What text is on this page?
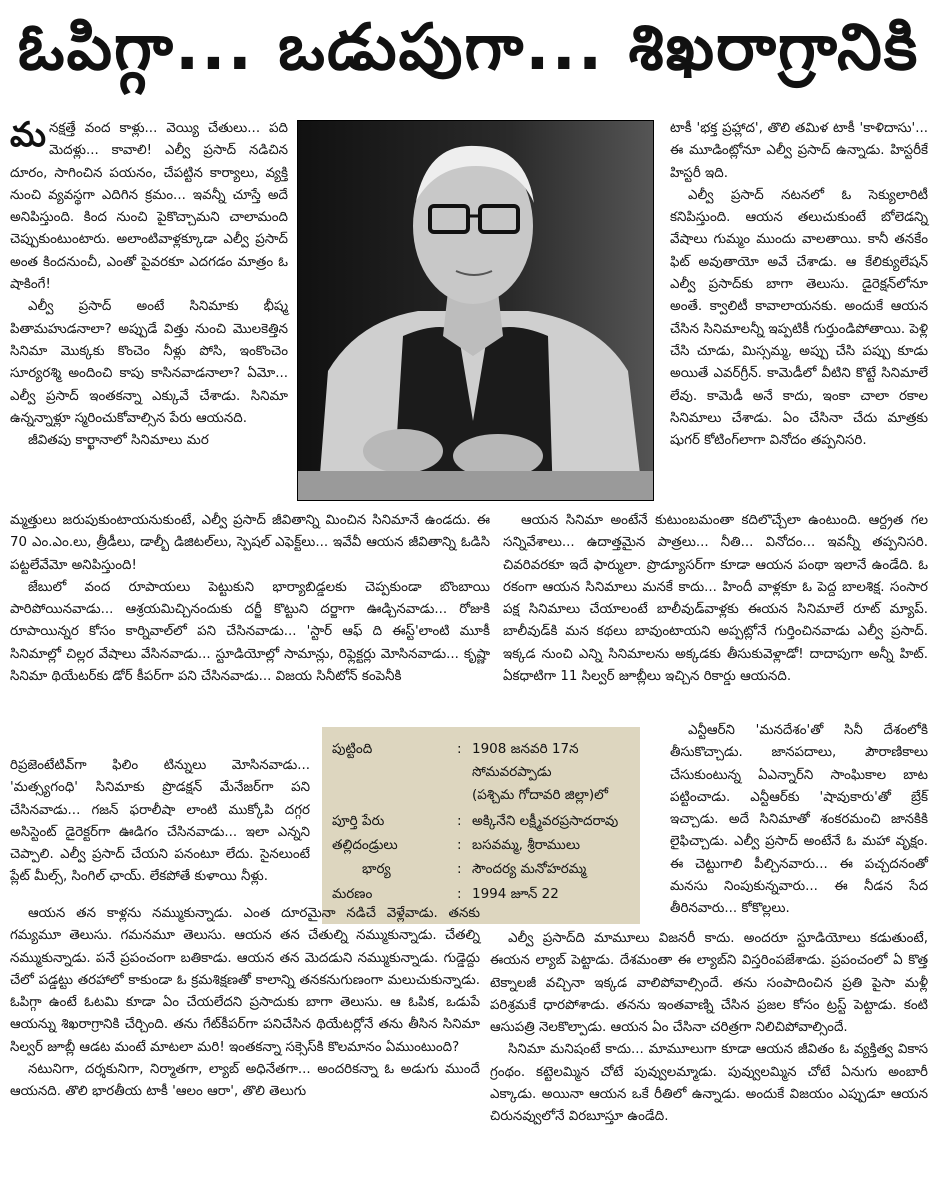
ఓపిగ్గా... ఒడుపుగా... శిఖరాగ్రానికి
మ నక్షత్తే వంద కాళ్లు... వెయ్యి చేతులు... పది మెదళ్లు... కావాలి! ఎల్వీ ప్రసాద్ నడిచిన దూరం, సాగించిన పయనం, చేపట్టిన కార్యాలు, వ్యక్తి నుంచి వ్యవస్థగా ఎదిగిన క్రమం... ఇవన్నీ చూస్తే అదే అనిపిస్తుంది. కింద నుంచి పైకొచ్చామని చాలామంది చెప్పుకుంటుంటారు. అలాంటివాళ్లక్కూడా ఎల్వీ ప్రసాద్ అంత కిందనుంచీ, ఎంతో పైవరకూ ఎదగడం మాత్రం ఓ షాకింగే!

ఎల్వీ ప్రసాద్ అంటే సినిమాకు భీష్మ పితామహుడనాలా? అప్పుడే విత్తు నుంచి మొలకెత్తిన సినిమా మొక్కకు కొంచెం నీళ్లు పోసి, ఇంకొంచెం సూర్యరశ్మి అందించి కాపు కాసినవాడనాలా? ఏమో... ఎల్వీ ప్రసాద్ ఇంతకన్నా ఎక్కువే చేశాడు. సినిమా ఉన్నన్నాళ్లూ స్మరించుకోవాల్సిన పేరు ఆయనది.

జీవితపు కార్ఖానాలో సినిమాలు మర

టాకీ 'భక్త ప్రహ్లాద', తొలి తమిళ టాకీ 'కాళిదాసు'... ఈ మూడింట్లోనూ ఎల్వీ ప్రసాద్ ఉన్నాడు. హిస్టరీకే హిస్టరీ ఇది.

ఎల్వీ ప్రసాద్ నటనలో ఓ సెక్యులారిటీ కనిపిస్తుంది. ఆయన తలుచుకుంటే బోలెడన్ని వేషాలు గుమ్మం ముందు వాలతాయి. కానీ తనకేం ఫిట్ అవుతాయో అవే చేశాడు. ఆ కేలిక్యులేషన్ ఎల్వీ ప్రసాద్‌కు బాగా తెలుసు. డైరెక్షన్‌లోనూ అంతే. క్వాలిటీ కావాలాయనకు. అందుకే ఆయన చేసిన సినిమాలన్నీ ఇప్పటికీ గుర్తుండిపోతాయి. పెళ్లి చేసి చూడు, మిస్సమ్మ, అప్పు చేసి పప్పు కూడు అయితే ఎవర్‌గ్రీన్. కామెడీలో వీటిని కొట్టే సినిమాలే లేవు. కామెడీ అనే కాదు, ఇంకా చాలా రకాల సినిమాలు చేశాడు. ఏం చేసినా చేదు మాత్రకు షుగర్ కోటింగ్‌లాగా వినోదం తప్పనిసరి.

మ్మత్తులు జరుపుకుంటాయనుకుంటే, ఎల్వీ ప్రసాద్ జీవితాన్ని మించిన సినిమానే ఉండదు. ఈ 70 ఎం.ఎం.లు, త్రీడీలు, డాల్బీ డిజిటల్‌లు, స్పెషల్ ఎఫెక్ట్‌లు... ఇవేవీ ఆయన జీవితాన్ని ఓడిసి పట్టలేవేమో అనిపిస్తుంది!

జేబులో వంద రూపాయలు పెట్టుకుని భార్యాబిడ్డలకు చెప్పకుండా బొంబాయి పారిపోయినవాడు... ఆశ్రయమిచ్చినందుకు దర్జీ కొట్టుని దర్జాగా ఊడ్చినవాడు... రోజుకి రూపాయిన్నర కోసం కార్నివాల్‌లో పని చేసినవాడు... 'స్టార్ ఆఫ్ ది ఈస్ట్'లాంటి మూకీ సినిమాల్లో చిల్లర వేషాలు వేసినవాడు... స్టూడియోల్లో సామాన్లు, రిఫ్లెక్టర్లు మోసినవాడు... కృష్ణా సినిమా థియేటర్‌కు డోర్ కీపర్‌గా పని చేసినవాడు... విజయ సినీటోన్ కంపెనీకి

ఆయన సినిమా అంటేనే కుటుంబమంతా కదిలొచ్చేలా ఉంటుంది. ఆర్ద్రత గల సన్నివేశాలు... ఉదాత్తమైన పాత్రలు... నీతి... వినోదం... ఇవన్నీ తప్పనిసరి. చివరివరకూ ఇదే ఫార్ములా. ప్రొడ్యూసర్‌గా కూడా ఆయన పంథా ఇలానే ఉండేది. ఓ రకంగా ఆయన సినిమాలు మనకే కాదు... హిందీ వాళ్లకూ ఓ పెద్ద బాలశిక్ష. సంసార పక్ష సినిమాలు చేయాలంటే బాలీవుడ్‌వాళ్లకు ఈయన సినిమాలే రూట్ మ్యాప్. బాలీవుడ్‌కి మన కథలు బావుంటాయని అప్పట్లోనే గుర్తించినవాడు ఎల్వీ ప్రసాద్. ఇక్కడ నుంచి ఎన్ని సినిమాలను అక్కడకు తీసుకువెళ్లాడో! దాదాపుగా అన్నీ హిట్. ఏకధాటిగా 11 సిల్వర్ జూబ్లీలు ఇచ్చిన రికార్డు ఆయనది.

రిప్రజెంటేటివ్‌గా ఫిలిం టిన్నులు మోసినవాడు... 'మత్స్యగంధి' సినిమాకు ప్రొడక్షన్ మేనేజర్‌గా పని చేసినవాడు... గజన్ ఫరాలీషా లాంటి ముక్కోపి దగ్గర అసిస్టెంట్ డైరెక్టర్‌గా ఊడిగం చేసినవాడు... ఇలా ఎన్నని చెప్పాలి. ఎల్వీ ప్రసాద్ చేయని పనంటూ లేదు. సైనలుంటే ప్లేట్ మీల్స్, సింగిల్ ఛాయ్. లేకపోతే కుళాయి నీళ్లు.

పుట్టింది	: 1908 జనవరి 17న
సోమవరప్పాడు
(పశ్చిమ గోదావరి జిల్లా)లో
పూర్తి పేరు	: అక్కినేని లక్ష్మీవరప్రసాదరావు
తల్లిదండ్రులు	: బసవమ్మ, శ్రీరాములు
భార్య	: సౌందర్య మనోహరమ్మ
మరణం	: 1994 జూన్ 22

ఎన్టీఆర్‌ని 'మనదేశం'తో సినీ దేశంలోకి తీసుకొచ్చాడు. జానపదాలు, పౌరాణికాలు చేసుకుంటున్న ఏఎన్నార్‌ని సాంఘికాల బాట పట్టించాడు. ఎన్టీఆర్‌కు 'షావుకారు'తో బ్రేక్ ఇచ్చాడు. అదే సినిమాతో శంకరమంచి జానకికి లైఫిచ్చాడు. ఎల్వీ ప్రసాద్ అంటేనే ఓ మహా వృక్షం. ఈ చెట్టుగాలి పీల్చినవారు... ఈ పచ్చదనంతో మనసు నింపుకున్నవారు... ఈ నీడన సేద తీరినవారు... కోకొల్లలు.

ఆయన తన కాళ్లను నమ్ముకున్నాడు. ఎంత దూరమైనా నడిచే వెళ్లేవాడు. తనకు గమ్యమూ తెలుసు. గమనమూ తెలుసు. ఆయన తన చేతుల్ని నమ్ముకున్నాడు. చేతల్ని నమ్ముకున్నాడు. పనే ప్రపంచంగా బతికాడు. ఆయన తన మెదడుని నమ్ముకున్నాడు. గుడ్డెద్దు చేలో పడ్డట్టు తరహాలో కాకుండా ఓ క్రమశిక్షణతో కాలాన్ని తనకనుగుణంగా మలుచుకున్నాడు. ఓపిగ్గా ఉంటే ఓటమి కూడా ఏం చేయలేదని ప్రసాదుకు బాగా తెలుసు. ఆ ఓపిక, ఒడుపే ఆయన్ను శిఖరాగ్రానికి చేర్చింది. తను గేట్‌కీపర్‌గా పనిచేసిన థియేటర్లోనే తను తీసిన సినిమా సిల్వర్ జూబ్లీ ఆడట మంటే మాటలా మరి! ఇంతకన్నా సక్సెస్‌కి కొలమానం ఏముంటుంది?

నటునిగా, దర్శకునిగా, నిర్మాతగా, ల్యాబ్ అధినేతగా... అందరికన్నా ఓ అడుగు ముందే ఆయనది. తొలి భారతీయ టాకీ 'ఆలం ఆరా', తొలి తెలుగు

ఎల్వీ ప్రసాద్‌ది మామూలు విజనరీ కాదు. అందరూ స్టూడియోలు కడుతుంటే, ఈయన ల్యాబ్ పెట్టాడు. దేశమంతా ఈ ల్యాబ్‌ని విస్తరింపజేశాడు. ప్రపంచంలో ఏ కొత్త టెక్నాలజీ వచ్చినా ఇక్కడ వాలిపోవాల్సిందే. తను సంపాదించిన ప్రతి పైసా మళ్లీ పరిశ్రమకే ధారపోశాడు. తనను ఇంతవాణ్ని చేసిన ప్రజల కోసం ట్రస్ట్ పెట్టాడు. కంటి ఆసుపత్రి నెలకొల్పాడు. ఆయన ఏం చేసినా చరిత్రగా నిలిచిపోవాల్సిందే.

సినిమా మనిషంటే కాదు... మామూలుగా కూడా ఆయన జీవితం ఓ వ్యక్తిత్వ వికాస గ్రంథం. కట్టెలమ్మిన చోటే పువ్వులమ్మాడు. పువ్వులమ్మిన చోటే ఏనుగు అంబారీ ఎక్కాడు. అయినా ఆయన ఒకే రీతిలో ఉన్నాడు. అందుకే విజయం ఎప్పుడూ ఆయన చిరునవ్వులోనే విరబూస్తూ ఉండేది.
